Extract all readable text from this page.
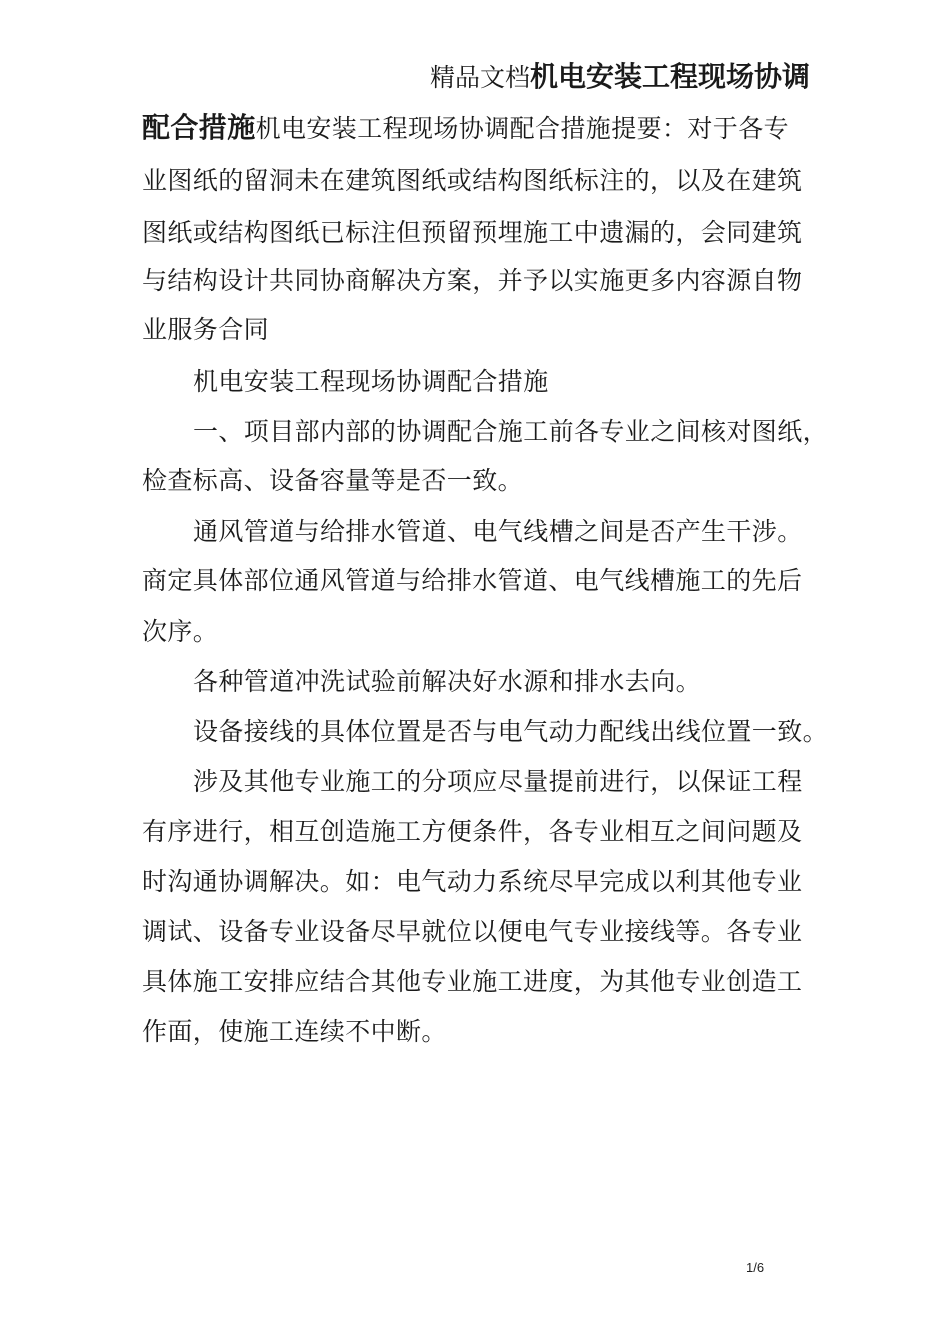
精品文档机电安装工程现场协调
配合措施机电安装工程现场协调配合措施提要：对于各专
业图纸的留洞未在建筑图纸或结构图纸标注的，以及在建筑
图纸或结构图纸已标注但预留预埋施工中遗漏的，会同建筑
与结构设计共同协商解决方案，并予以实施更多内容源自物
业服务合同
机电安装工程现场协调配合措施
一、项目部内部的协调配合施工前各专业之间核对图纸，
检查标高、设备容量等是否一致。
通风管道与给排水管道、电气线槽之间是否产生干涉。
商定具体部位通风管道与给排水管道、电气线槽施工的先后
次序。
各种管道冲洗试验前解决好水源和排水去向。
设备接线的具体位置是否与电气动力配线出线位置一致。
涉及其他专业施工的分项应尽量提前进行，以保证工程
有序进行，相互创造施工方便条件，各专业相互之间问题及
时沟通协调解决。如：电气动力系统尽早完成以利其他专业
调试、设备专业设备尽早就位以便电气专业接线等。各专业
具体施工安排应结合其他专业施工进度，为其他专业创造工
作面，使施工连续不中断。
1/6
